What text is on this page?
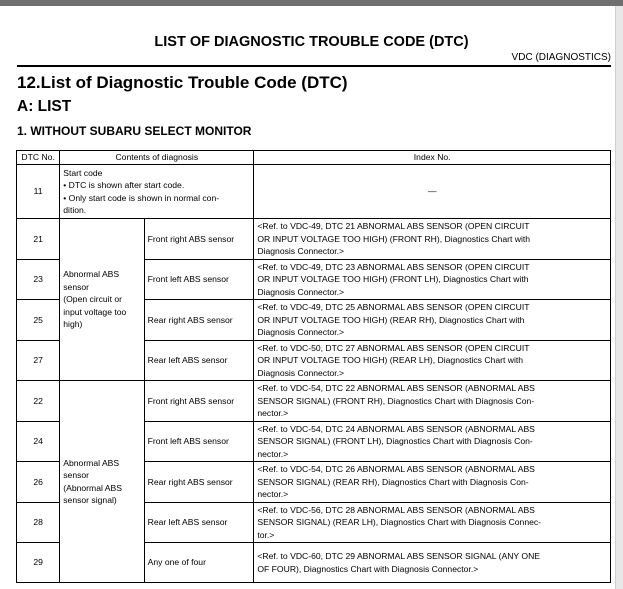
LIST OF DIAGNOSTIC TROUBLE CODE (DTC)
VDC (DIAGNOSTICS)
12.List of Diagnostic Trouble Code (DTC)
A: LIST
1. WITHOUT SUBARU SELECT MONITOR
DTC No.	Contents of diagnosis		Index No.
11	Start code
• DTC is shown after start code.
• Only start code is shown in normal con-
dition.		—
21	Abnormal ABS
sensor
(Open circuit or
input voltage too
high)	Front right ABS sensor	<Ref. to VDC-49, DTC 21 ABNORMAL ABS SENSOR (OPEN CIRCUIT
OR INPUT VOLTAGE TOO HIGH) (FRONT RH), Diagnostics Chart with
Diagnosis Connector.>
23		Front left ABS sensor	<Ref. to VDC-49, DTC 23 ABNORMAL ABS SENSOR (OPEN CIRCUIT
OR INPUT VOLTAGE TOO HIGH) (FRONT LH), Diagnostics Chart with
Diagnosis Connector.>
25		Rear right ABS sensor	<Ref. to VDC-49, DTC 25 ABNORMAL ABS SENSOR (OPEN CIRCUIT
OR INPUT VOLTAGE TOO HIGH) (REAR RH), Diagnostics Chart with
Diagnosis Connector.>
27		Rear left ABS sensor	<Ref. to VDC-50, DTC 27 ABNORMAL ABS SENSOR (OPEN CIRCUIT
OR INPUT VOLTAGE TOO HIGH) (REAR LH), Diagnostics Chart with
Diagnosis Connector.>
22	Abnormal ABS
sensor
(Abnormal ABS
sensor signal)	Front right ABS sensor	<Ref. to VDC-54, DTC 22 ABNORMAL ABS SENSOR (ABNORMAL ABS
SENSOR SIGNAL) (FRONT RH), Diagnostics Chart with Diagnosis Con-
nector.>
24		Front left ABS sensor	<Ref. to VDC-54, DTC 24 ABNORMAL ABS SENSOR (ABNORMAL ABS
SENSOR SIGNAL) (FRONT LH), Diagnostics Chart with Diagnosis Con-
nector.>
26		Rear right ABS sensor	<Ref. to VDC-54, DTC 26 ABNORMAL ABS SENSOR (ABNORMAL ABS
SENSOR SIGNAL) (REAR RH), Diagnostics Chart with Diagnosis Con-
nector.>
28		Rear left ABS sensor	<Ref. to VDC-56, DTC 28 ABNORMAL ABS SENSOR (ABNORMAL ABS
SENSOR SIGNAL) (REAR LH), Diagnostics Chart with Diagnosis Connec-
tor.>
29		Any one of four	<Ref. to VDC-60, DTC 29 ABNORMAL ABS SENSOR SIGNAL (ANY ONE
OF FOUR), Diagnostics Chart with Diagnosis Connector.>
